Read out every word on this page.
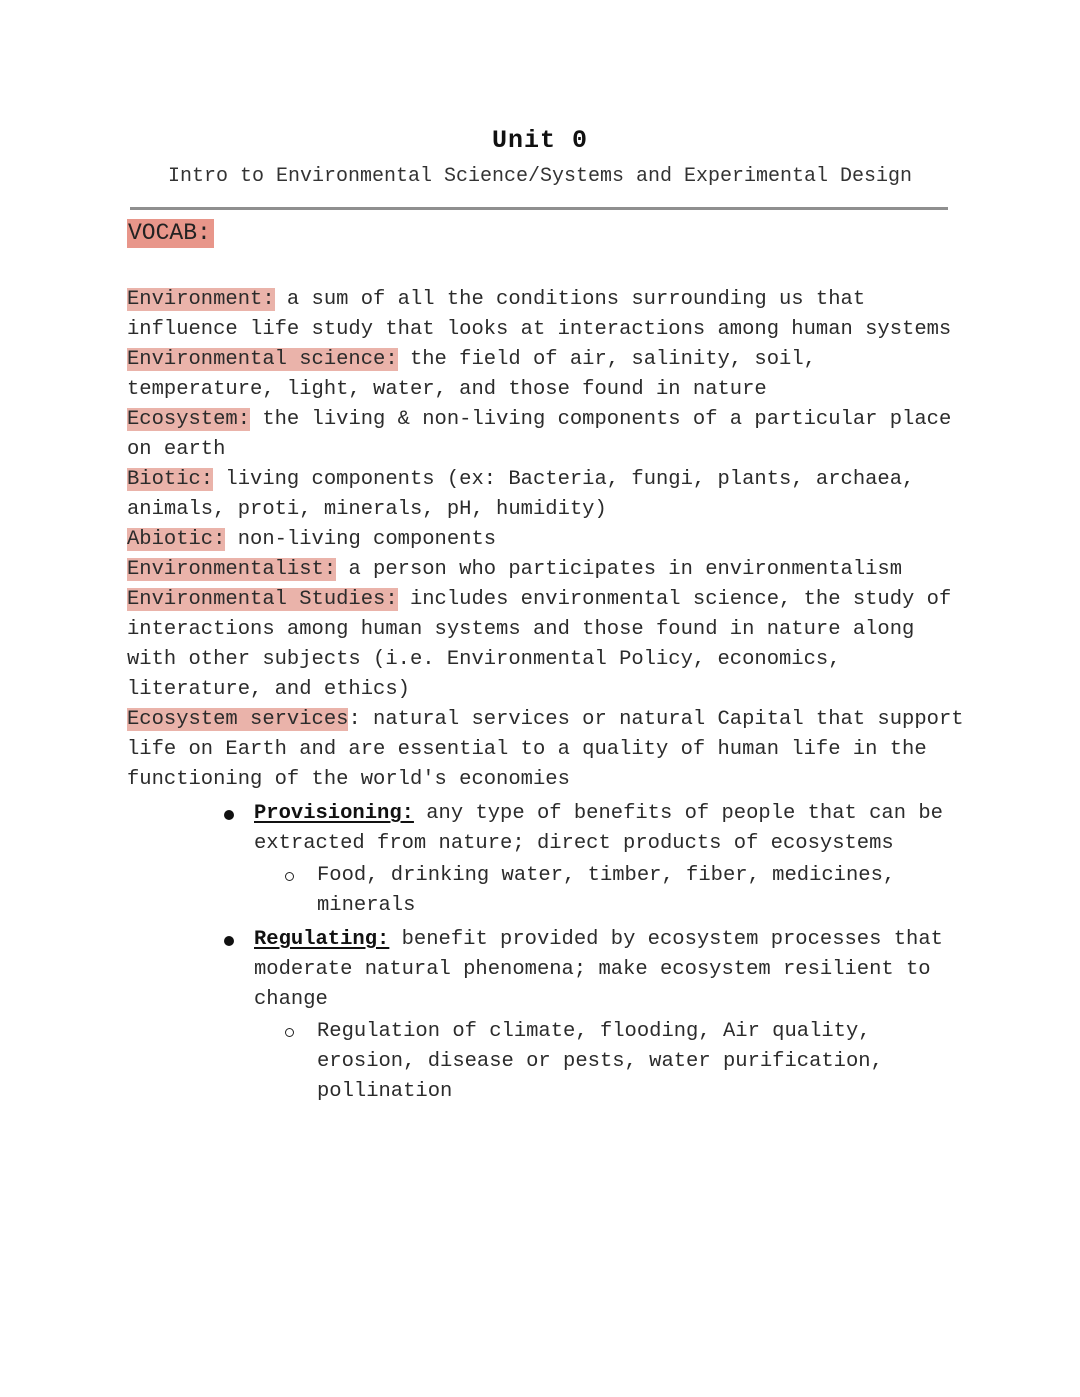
Unit 0
Intro to Environmental Science/Systems and Experimental Design
VOCAB:

Environment: a sum of all the conditions surrounding us that influence life study that looks at interactions among human systems

Environmental science: the field of air, salinity, soil, temperature, light, water, and those found in nature

Ecosystem: the living & non-living components of a particular place on earth

Biotic: living components (ex: Bacteria, fungi, plants, archaea, animals, proti, minerals, pH, humidity)

Abiotic: non-living components

Environmentalist: a person who participates in environmentalism

Environmental Studies: includes environmental science, the study of interactions among human systems and those found in nature along with other subjects (i.e. Environmental Policy, economics, literature, and ethics)

Ecosystem services: natural services or natural Capital that support life on Earth and are essential to a quality of human life in the functioning of the world's economies

Provisioning: any type of benefits of people that can be extracted from nature; direct products of ecosystems
Food, drinking water, timber, fiber, medicines, minerals
Regulating: benefit provided by ecosystem processes that moderate natural phenomena; make ecosystem resilient to change
Regulation of climate, flooding, Air quality, erosion, disease or pests, water purification, pollination
